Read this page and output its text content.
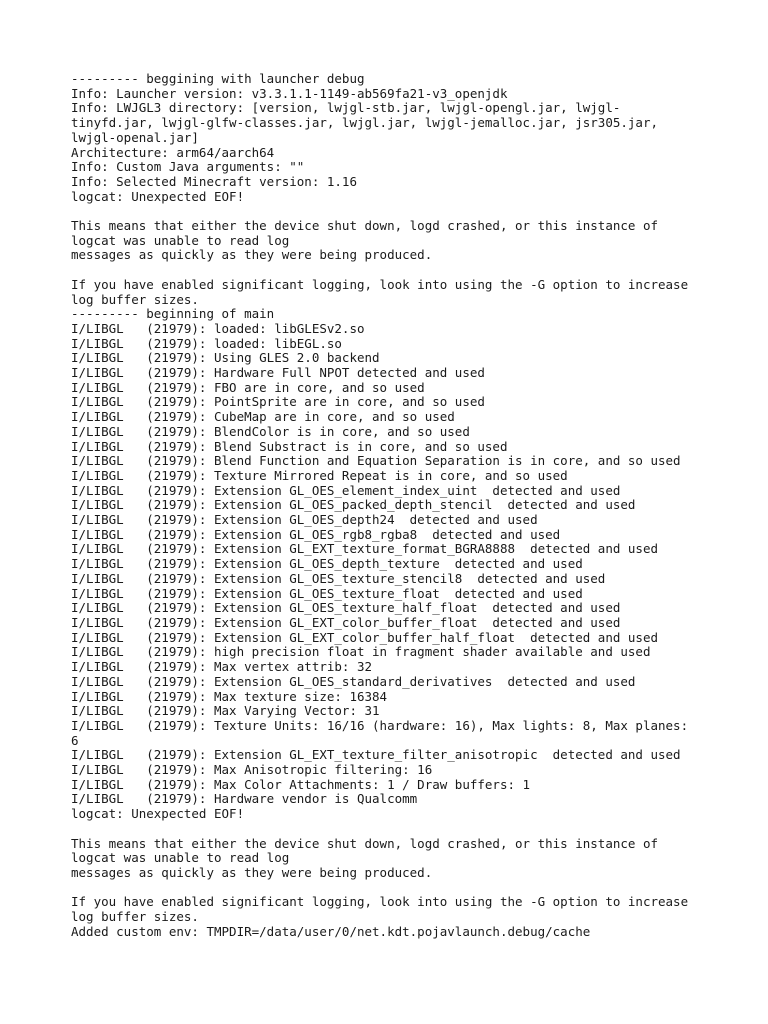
--------- beggining with launcher debug
Info: Launcher version: v3.3.1.1-1149-ab569fa21-v3_openjdk
Info: LWJGL3 directory: [version, lwjgl-stb.jar, lwjgl-opengl.jar, lwjgl-
tinyfd.jar, lwjgl-glfw-classes.jar, lwjgl.jar, lwjgl-jemalloc.jar, jsr305.jar,
lwjgl-openal.jar]
Architecture: arm64/aarch64
Info: Custom Java arguments: ""
Info: Selected Minecraft version: 1.16
logcat: Unexpected EOF!
This means that either the device shut down, logd crashed, or this instance of
logcat was unable to read log
messages as quickly as they were being produced.
If you have enabled significant logging, look into using the -G option to increase
log buffer sizes.
--------- beginning of main
I/LIBGL   (21979): loaded: libGLESv2.so
I/LIBGL   (21979): loaded: libEGL.so
I/LIBGL   (21979): Using GLES 2.0 backend
I/LIBGL   (21979): Hardware Full NPOT detected and used
I/LIBGL   (21979): FBO are in core, and so used
I/LIBGL   (21979): PointSprite are in core, and so used
I/LIBGL   (21979): CubeMap are in core, and so used
I/LIBGL   (21979): BlendColor is in core, and so used
I/LIBGL   (21979): Blend Substract is in core, and so used
I/LIBGL   (21979): Blend Function and Equation Separation is in core, and so used
I/LIBGL   (21979): Texture Mirrored Repeat is in core, and so used
I/LIBGL   (21979): Extension GL_OES_element_index_uint  detected and used
I/LIBGL   (21979): Extension GL_OES_packed_depth_stencil  detected and used
I/LIBGL   (21979): Extension GL_OES_depth24  detected and used
I/LIBGL   (21979): Extension GL_OES_rgb8_rgba8  detected and used
I/LIBGL   (21979): Extension GL_EXT_texture_format_BGRA8888  detected and used
I/LIBGL   (21979): Extension GL_OES_depth_texture  detected and used
I/LIBGL   (21979): Extension GL_OES_texture_stencil8  detected and used
I/LIBGL   (21979): Extension GL_OES_texture_float  detected and used
I/LIBGL   (21979): Extension GL_OES_texture_half_float  detected and used
I/LIBGL   (21979): Extension GL_EXT_color_buffer_float  detected and used
I/LIBGL   (21979): Extension GL_EXT_color_buffer_half_float  detected and used
I/LIBGL   (21979): high precision float in fragment shader available and used
I/LIBGL   (21979): Max vertex attrib: 32
I/LIBGL   (21979): Extension GL_OES_standard_derivatives  detected and used
I/LIBGL   (21979): Max texture size: 16384
I/LIBGL   (21979): Max Varying Vector: 31
I/LIBGL   (21979): Texture Units: 16/16 (hardware: 16), Max lights: 8, Max planes:
6
I/LIBGL   (21979): Extension GL_EXT_texture_filter_anisotropic  detected and used
I/LIBGL   (21979): Max Anisotropic filtering: 16
I/LIBGL   (21979): Max Color Attachments: 1 / Draw buffers: 1
I/LIBGL   (21979): Hardware vendor is Qualcomm
logcat: Unexpected EOF!
This means that either the device shut down, logd crashed, or this instance of
logcat was unable to read log
messages as quickly as they were being produced.
If you have enabled significant logging, look into using the -G option to increase
log buffer sizes.
Added custom env: TMPDIR=/data/user/0/net.kdt.pojavlaunch.debug/cache
